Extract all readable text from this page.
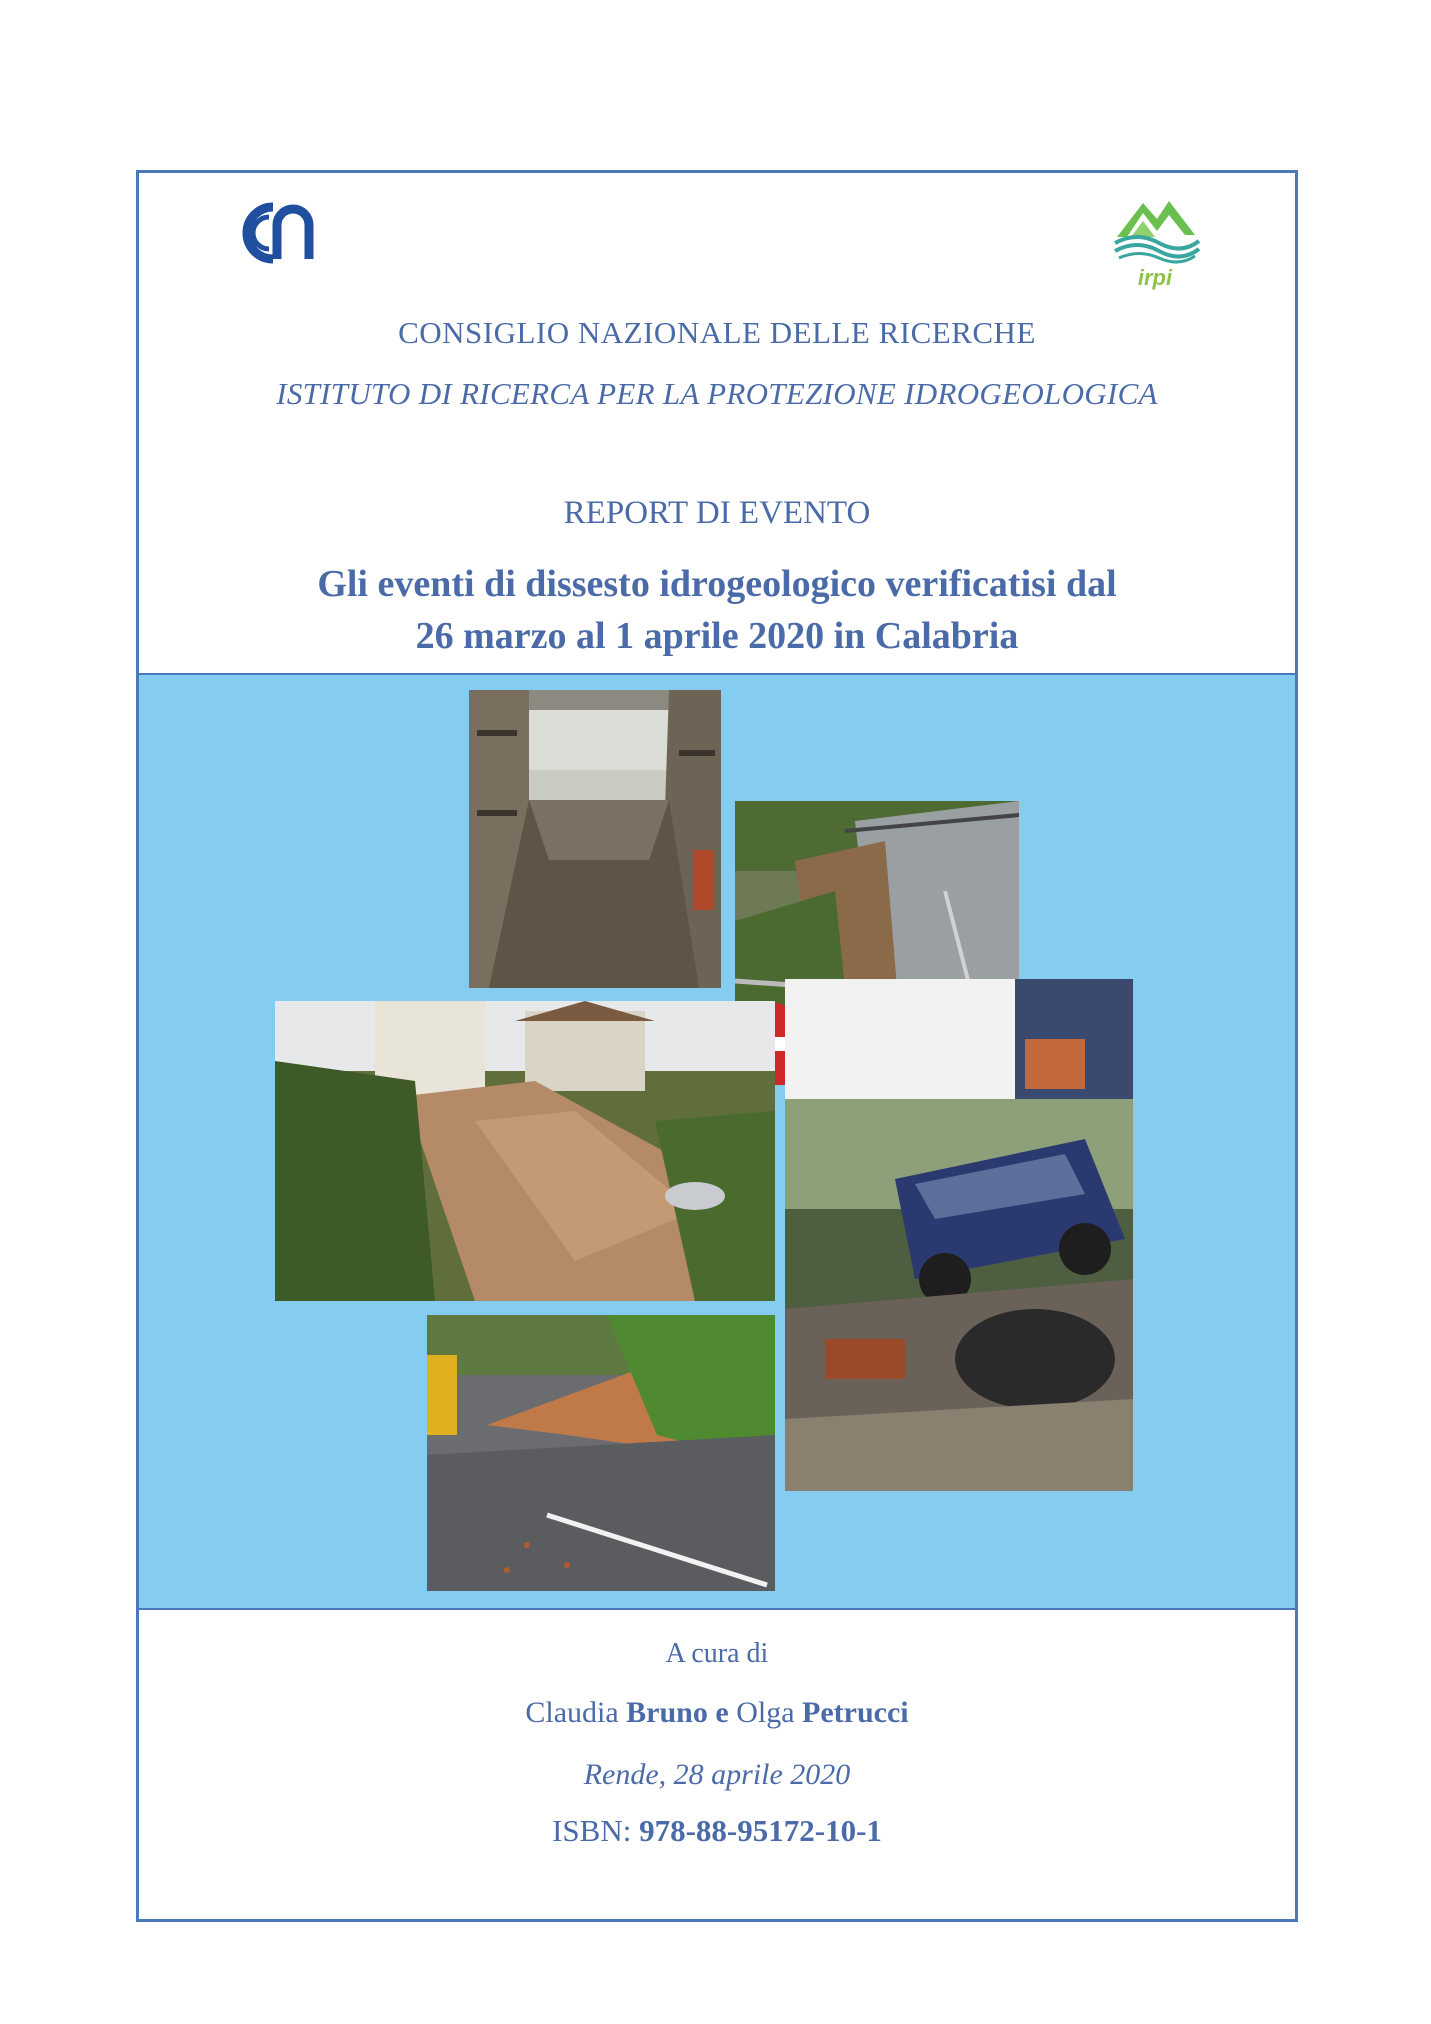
irpi
CONSIGLIO NAZIONALE DELLE RICERCHE
ISTITUTO DI RICERCA PER LA PROTEZIONE IDROGEOLOGICA
REPORT DI EVENTO
Gli eventi di dissesto idrogeologico verificatisi dal
26 marzo al 1 aprile 2020 in Calabria
A cura di
Claudia Bruno e Olga Petrucci
Rende, 28 aprile 2020
ISBN: 978-88-95172-10-1
